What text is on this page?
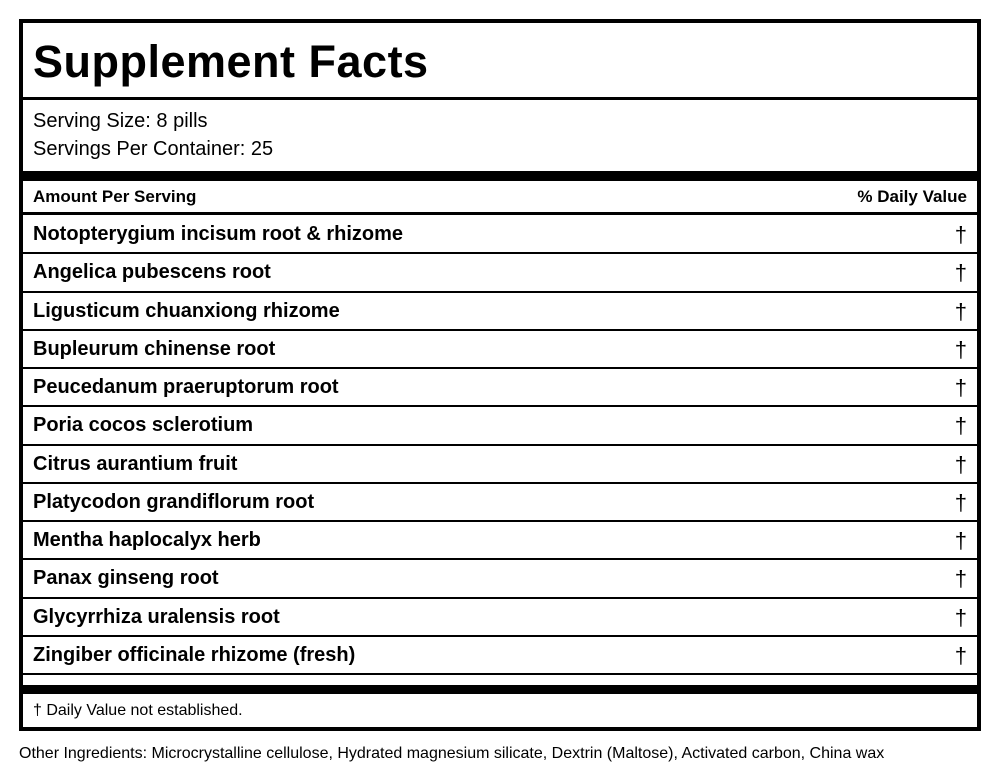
Supplement Facts
Serving Size: 8 pills
Servings Per Container: 25
Amount Per Serving	% Daily Value
Notopterygium incisum root & rhizome	†
Angelica pubescens root	†
Ligusticum chuanxiong rhizome	†
Bupleurum chinense root	†
Peucedanum praeruptorum root	†
Poria cocos sclerotium	†
Citrus aurantium fruit	†
Platycodon grandiflorum root	†
Mentha haplocalyx herb	†
Panax ginseng root	†
Glycyrrhiza uralensis root	†
Zingiber officinale rhizome (fresh)	†
† Daily Value not established.
Other Ingredients: Microcrystalline cellulose, Hydrated magnesium silicate, Dextrin (Maltose), Activated carbon, China wax
